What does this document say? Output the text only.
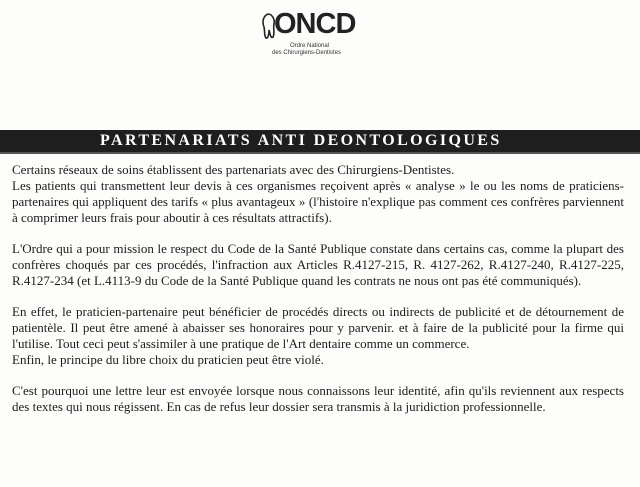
ONCD
Ordre National
des Chirurgiens-Dentistes
PARTENARIATS ANTI DEONTOLOGIQUES
Certains réseaux de soins établissent des partenariats avec des Chirurgiens-Dentistes.
Les patients qui transmettent leur devis à ces organismes reçoivent après « analyse » le ou les noms de praticiens-partenaires qui appliquent des tarifs « plus avantageux » (l'histoire n'explique pas comment ces confrères parviennent à comprimer leurs frais pour aboutir à ces résultats attractifs).
L'Ordre qui a pour mission le respect du Code de la Santé Publique constate dans certains cas, comme la plupart des confrères choqués par ces procédés, l'infraction aux Articles R.4127-215, R. 4127-262, R.4127-240, R.4127-225, R.4127-234 (et L.4113-9 du Code de la Santé Publique quand les contrats ne nous ont pas été communiqués).
En effet, le praticien-partenaire peut bénéficier de procédés directs ou indirects de publicité et de détournement de patientèle. Il peut être amené à abaisser ses honoraires pour y parvenir. et à faire de la publicité pour la firme qui l'utilise. Tout ceci peut s'assimiler à une pratique de l'Art dentaire comme un commerce.
Enfin, le principe du libre choix du praticien peut être violé.
C'est pourquoi une lettre leur est envoyée lorsque nous connaissons leur identité, afin qu'ils reviennent aux respects des textes qui nous régissent. En cas de refus leur dossier sera transmis à la juridiction professionnelle.
